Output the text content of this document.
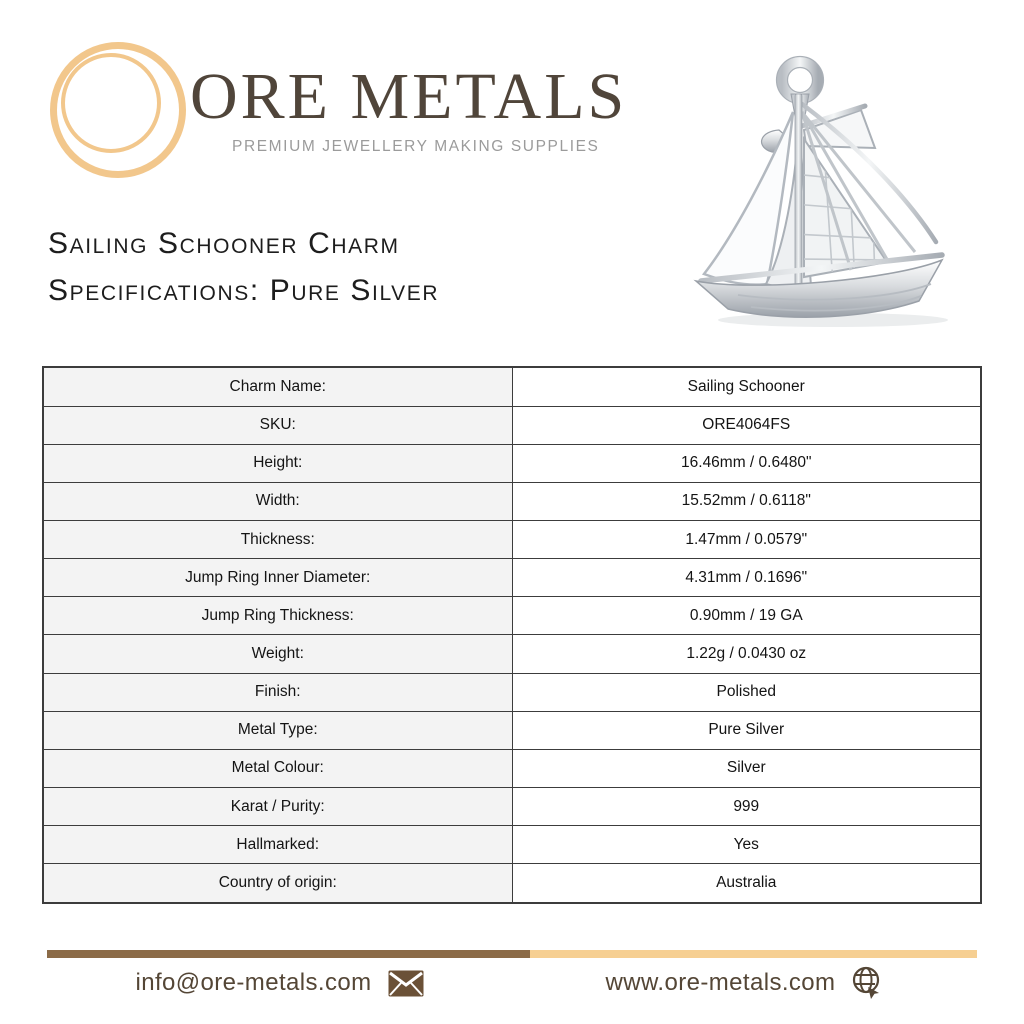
ORE METALS
PREMIUM JEWELLERY MAKING SUPPLIES
Sailing Schooner Charm
Specifications: Pure Silver
Charm Name:	Sailing Schooner
SKU:	ORE4064FS
Height:	16.46mm / 0.6480"
Width:	15.52mm / 0.6118"
Thickness:	1.47mm / 0.0579"
Jump Ring Inner Diameter:	4.31mm / 0.1696"
Jump Ring Thickness:	0.90mm / 19 GA
Weight:	1.22g / 0.0430 oz
Finish:	Polished
Metal Type:	Pure Silver
Metal Colour:	Silver
Karat / Purity:	999
Hallmarked:	Yes
Country of origin:	Australia
info@ore-metals.com	www.ore-metals.com
